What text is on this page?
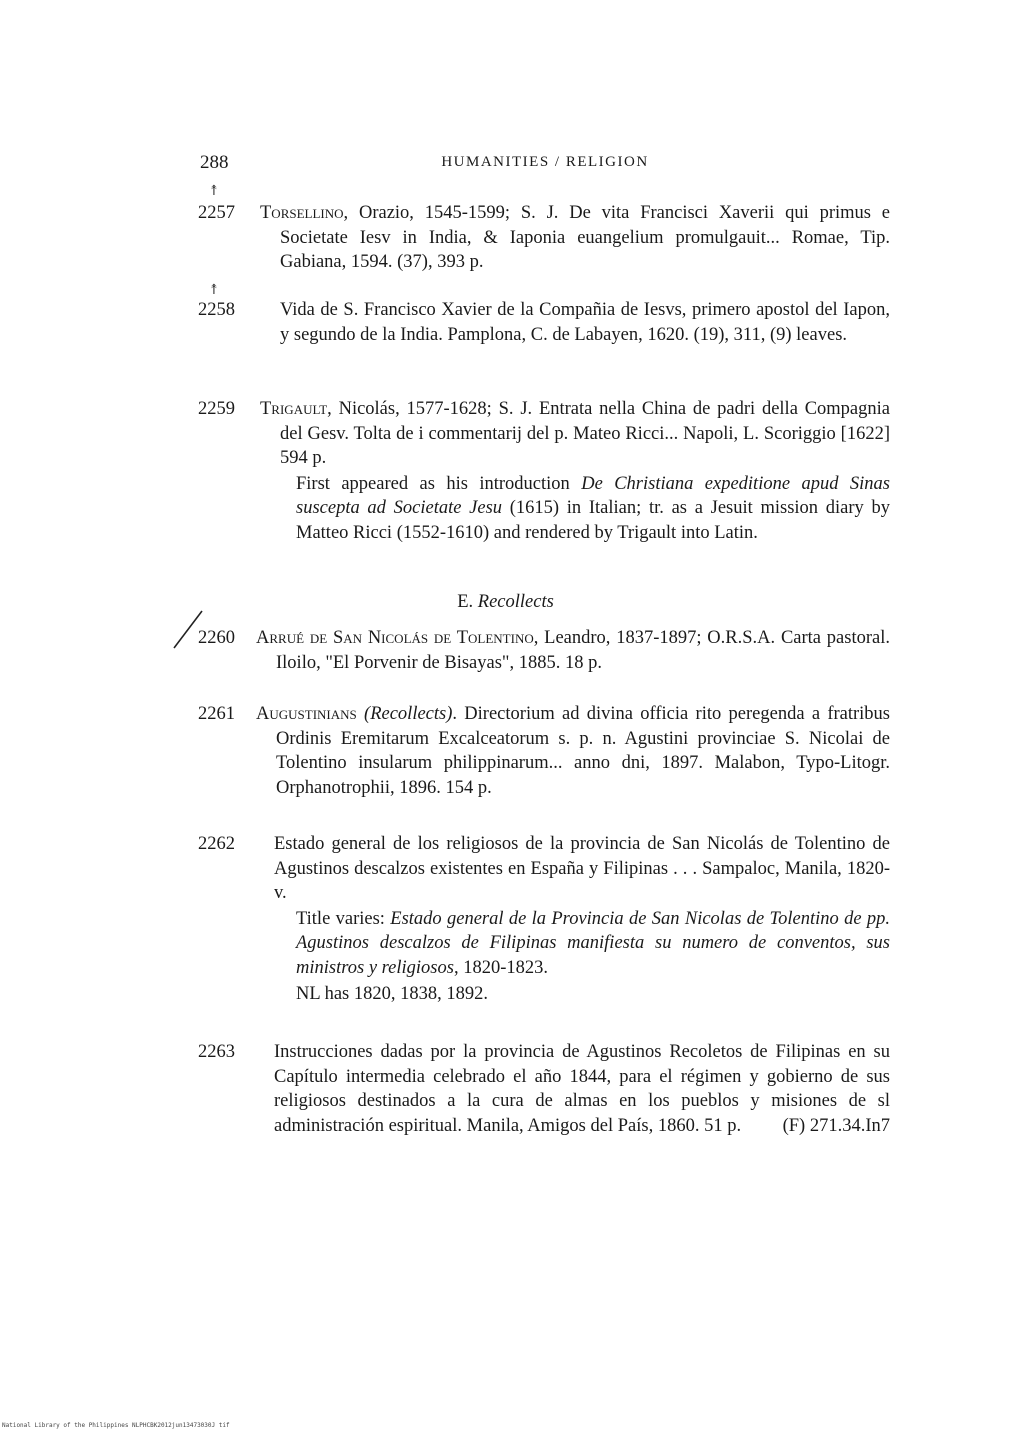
288	HUMANITIES / RELIGION
↟
↟
2257	Torsellino, Orazio, 1545-1599; S. J. De vita Francisci Xaverii qui primus e Societate Iesv in India, & Iaponia euangelium promulgauit... Romae, Tip. Gabiana, 1594. (37), 393 p.
2258	Vida de S. Francisco Xavier de la Compañia de Iesvs, primero apostol del Iapon, y segundo de la India. Pamplona, C. de Labayen, 1620. (19), 311, (9) leaves.
2259	Trigault, Nicolás, 1577-1628; S. J. Entrata nella China de padri della Compagnia del Gesv. Tolta de i commentarij del p. Mateo Ricci... Napoli, L. Scoriggio [1622] 594 p.
First appeared as his introduction De Christiana expeditione apud Sinas suscepta ad Societate Jesu (1615) in Italian; tr. as a Jesuit mission diary by Matteo Ricci (1552-1610) and rendered by Trigault into Latin.
E. Recollects
2260	Arrué de San Nicolás de Tolentino, Leandro, 1837-1897; O.R.S.A. Carta pastoral. Iloilo, "El Porvenir de Bisayas", 1885. 18 p.
2261	Augustinians (Recollects). Directorium ad divina officia rito peregenda a fratribus Ordinis Eremitarum Excalceatorum s. p. n. Agustini provinciae S. Nicolai de Tolentino insularum philippinarum... anno dni, 1897. Malabon, Typo-Litogr. Orphanotrophii, 1896. 154 p.
2262	Estado general de los religiosos de la provincia de San Nicolás de Tolentino de Agustinos descalzos existentes en España y Filipinas . . . Sampaloc, Manila, 1820- v.
Title varies: Estado general de la Provincia de San Nicolas de Tolentino de pp. Agustinos descalzos de Filipinas manifiesta su numero de conventos, sus ministros y religiosos, 1820-1823.
NL has 1820, 1838, 1892.
2263	Instrucciones dadas por la provincia de Agustinos Recoletos de Filipinas en su Capítulo intermedia celebrado el año 1844, para el régimen y gobierno de sus religiosos destinados a la cura de almas en los pueblos y misiones de sl administración espiritual. Manila, Amigos del País, 1860. 51 p. (F) 271.34.In7
National Library of the Philippines NLPHCBK2012jun13473030J tif
